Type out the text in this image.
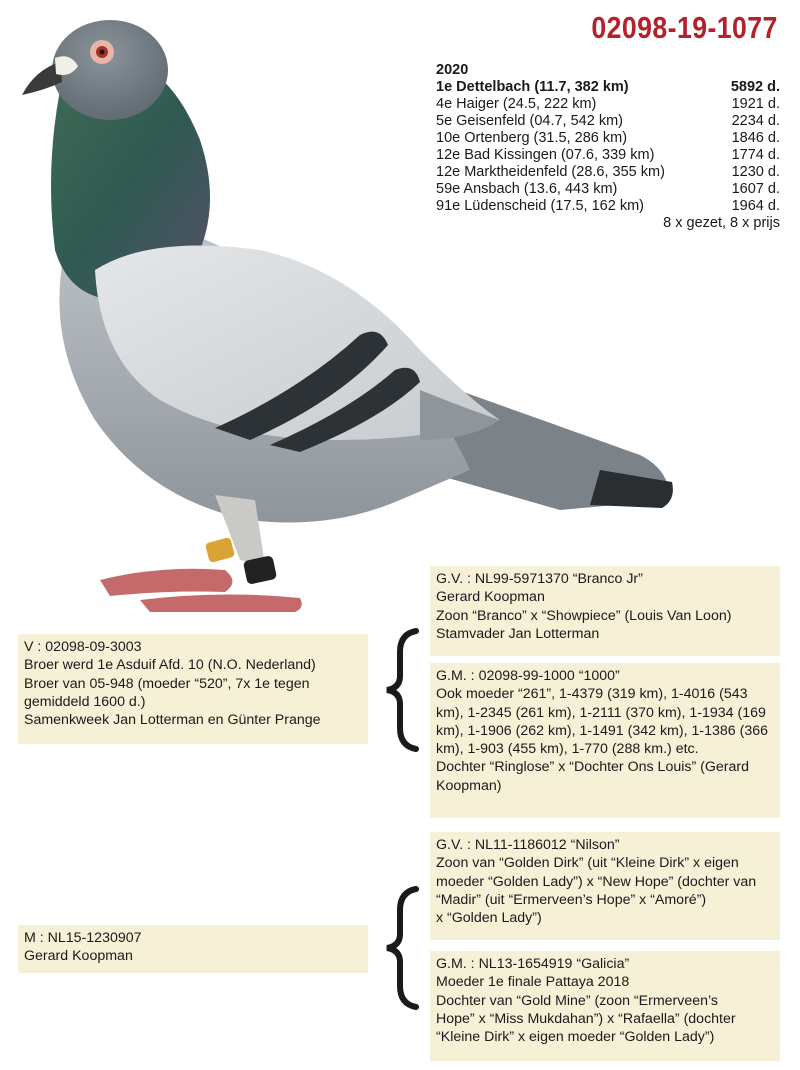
02098-19-1077
2020
1e Dettelbach (11.7, 382 km)	5892 d.
4e Haiger (24.5, 222 km)	1921 d.
5e Geisenfeld (04.7, 542 km)	2234 d.
10e Ortenberg (31.5, 286 km)	1846 d.
12e Bad Kissingen (07.6, 339 km)	1774 d.
12e Marktheidenfeld (28.6, 355 km)	1230 d.
59e Ansbach (13.6, 443 km)	1607 d.
91e Lüdenscheid (17.5, 162 km)	1964 d.
8 x gezet, 8 x prijs
G.V. : NL99-5971370 “Branco Jr”
Gerard Koopman
Zoon “Branco” x “Showpiece” (Louis Van Loon)
Stamvader Jan Lotterman
G.M. : 02098-99-1000 “1000”
Ook moeder “261”, 1-4379 (319 km), 1-4016 (543
km), 1-2345 (261 km), 1-2111 (370 km), 1-1934 (169
km), 1-1906 (262 km), 1-1491 (342 km), 1-1386 (366
km), 1-903 (455 km), 1-770 (288 km.) etc.
Dochter “Ringlose” x “Dochter Ons Louis” (Gerard
Koopman)
V : 02098-09-3003
Broer werd 1e Asduif Afd. 10 (N.O. Nederland)
Broer van 05-948 (moeder “520”, 7x 1e tegen
gemiddeld 1600 d.)
Samenkweek Jan Lotterman en Günter Prange
G.V. : NL11-1186012 “Nilson”
Zoon van “Golden Dirk” (uit “Kleine Dirk” x eigen
moeder “Golden Lady”) x “New Hope” (dochter van
“Madir” (uit “Ermerveen’s Hope” x “Amoré”)
x “Golden Lady”)
G.M. : NL13-1654919 “Galicia”
Moeder 1e finale Pattaya 2018
Dochter van “Gold Mine” (zoon “Ermerveen’s
Hope” x “Miss Mukdahan”) x “Rafaella” (dochter
“Kleine Dirk” x eigen moeder “Golden Lady”)
M : NL15-1230907
Gerard Koopman
